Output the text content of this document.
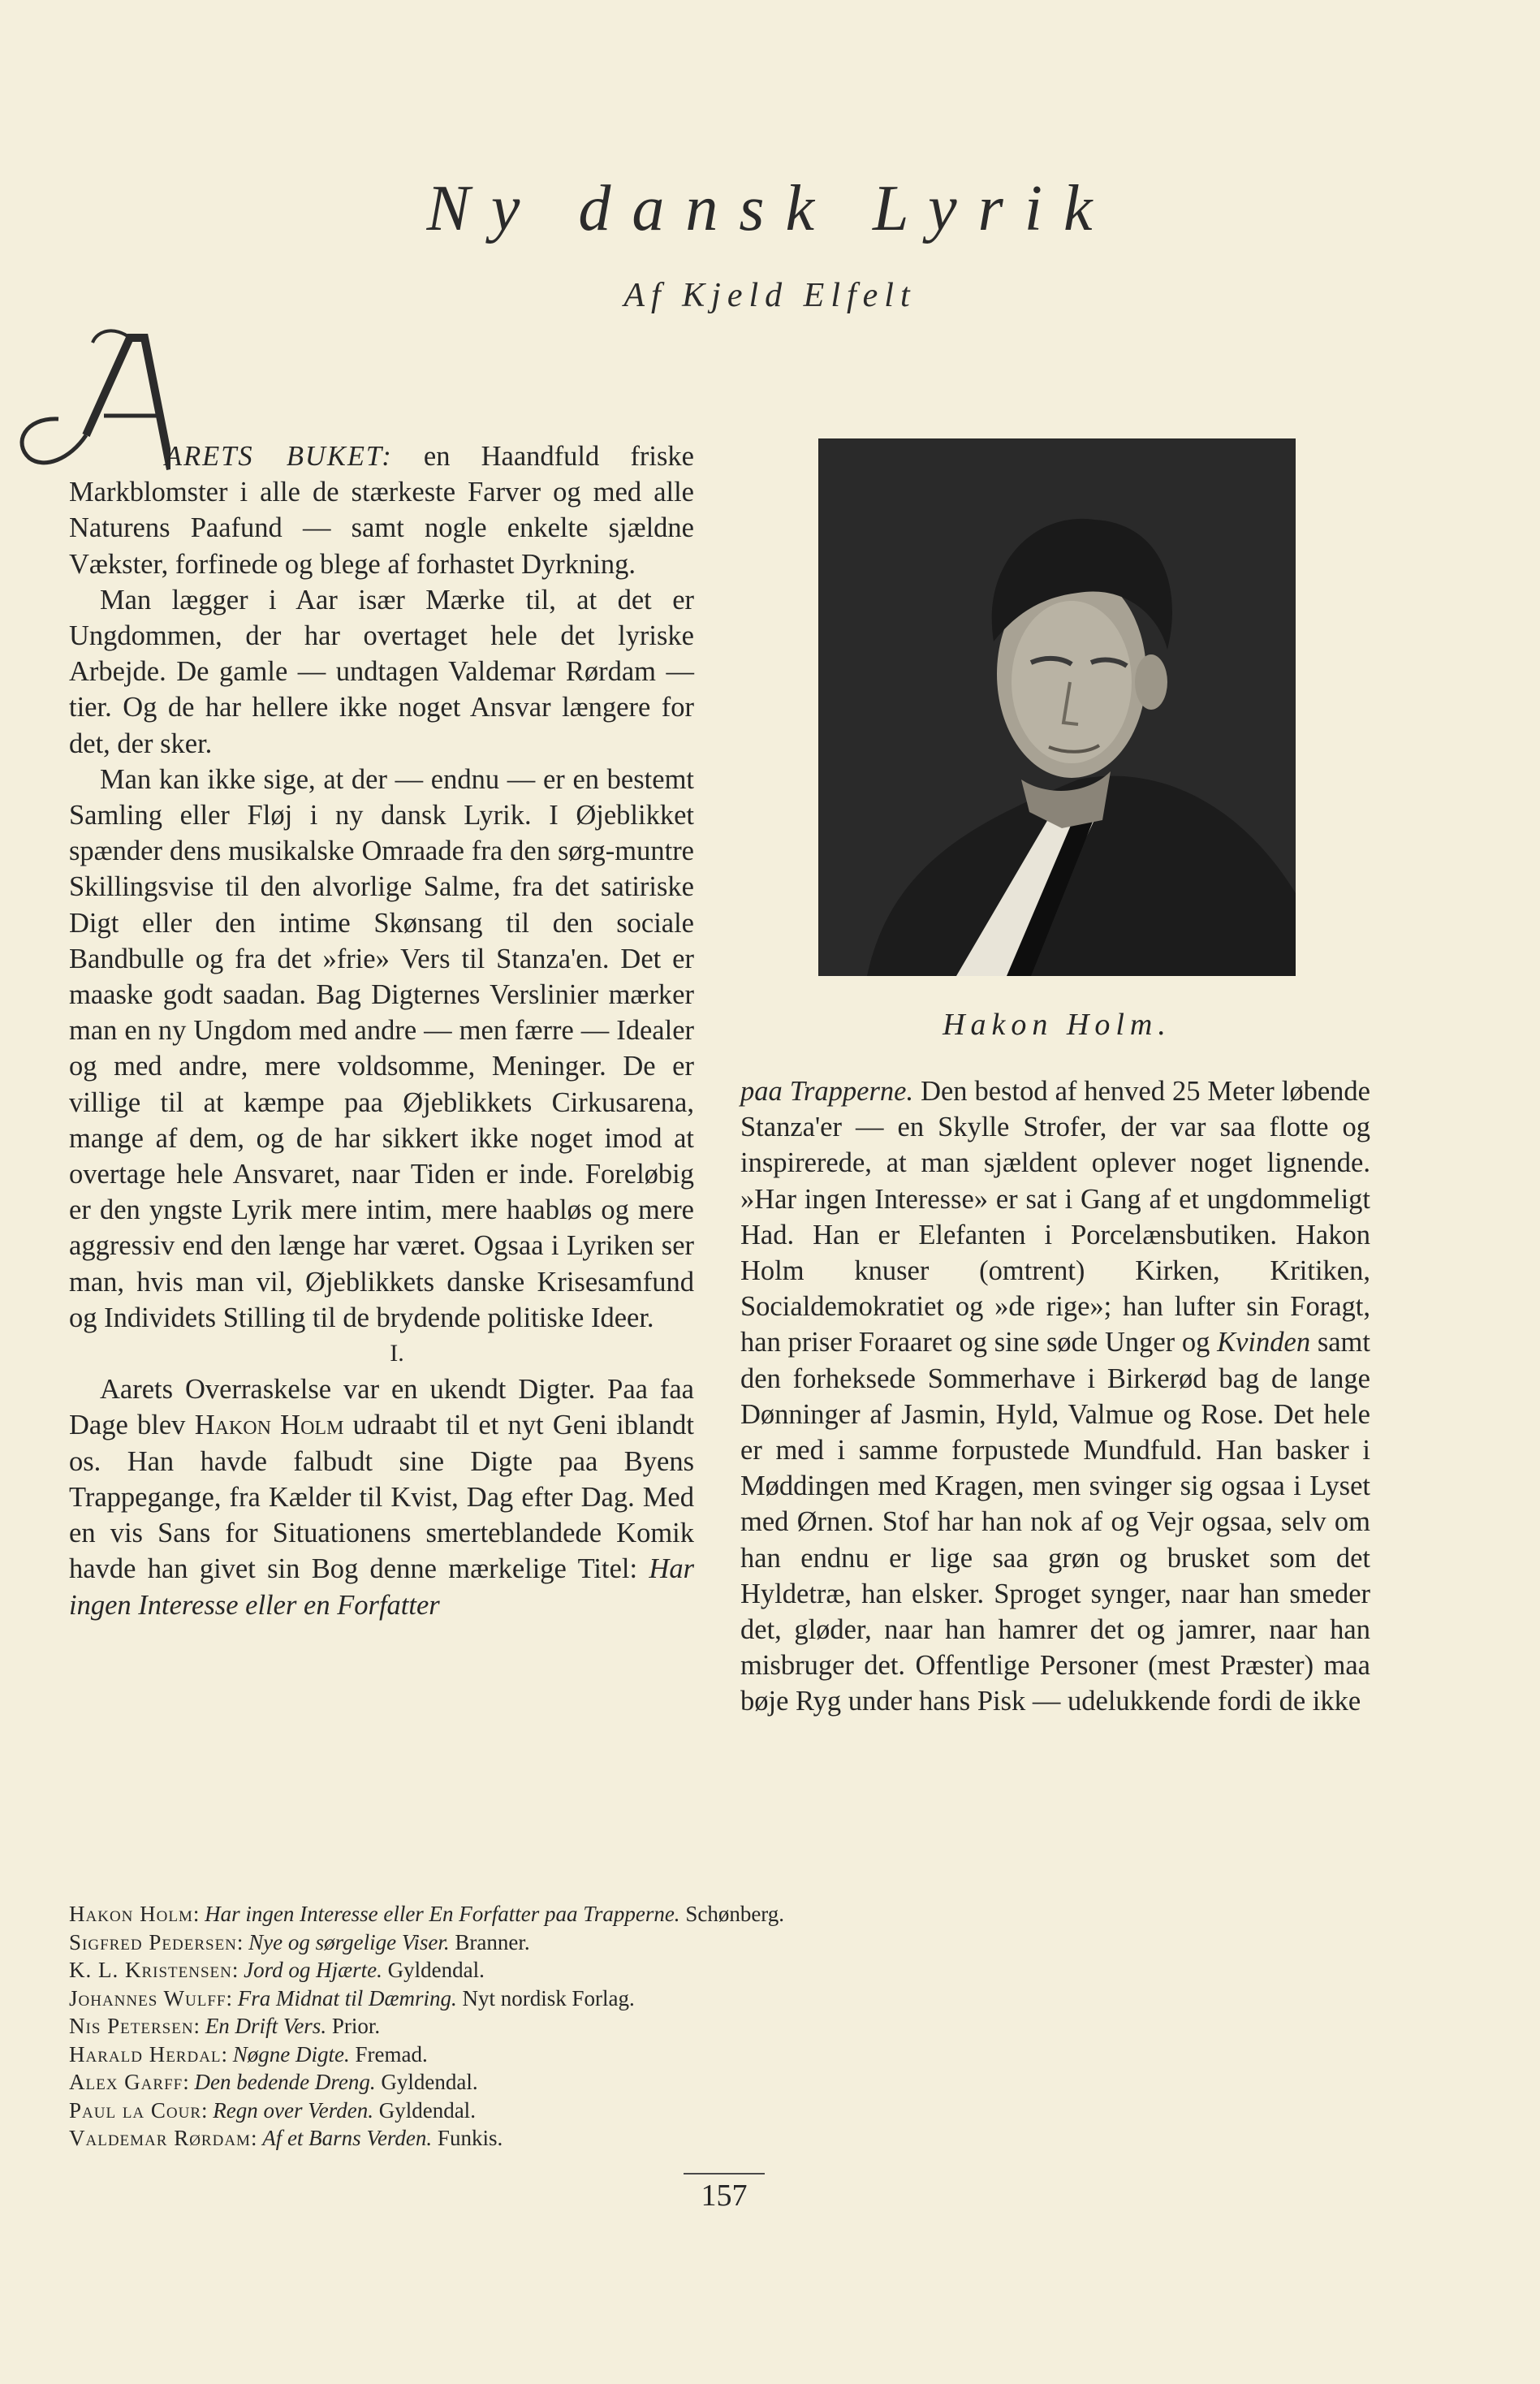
Ny dansk Lyrik
Af Kjeld Elfelt
A	ARETS BUKET: en Haandfuld friske Markblomster i alle de stærkeste Farver og med alle Naturens Paafund — samt nogle enkelte sjældne Vækster, forfinede og blege af forhastet Dyrkning.

Man lægger i Aar især Mærke til, at det er Ungdommen, der har overtaget hele det lyriske Arbejde. De gamle — undtagen Valdemar Rørdam — tier. Og de har hellere ikke noget Ansvar længere for det, der sker.

Man kan ikke sige, at der — endnu — er en bestemt Samling eller Fløj i ny dansk Lyrik. I Øjeblikket spænder dens musikalske Omraade fra den sørg-muntre Skillingsvise til den alvorlige Salme, fra det satiriske Digt eller den intime Skønsang til den sociale Bandbulle og fra det »frie» Vers til Stanza'en. Det er maaske godt saadan. Bag Digternes Verslinier mærker man en ny Ungdom med andre — men færre — Idealer og med andre, mere voldsomme, Meninger. De er villige til at kæmpe paa Øjeblikkets Cirkusarena, mange af dem, og de har sikkert ikke noget imod at overtage hele Ansvaret, naar Tiden er inde. Foreløbig er den yngste Lyrik mere intim, mere haabløs og mere aggressiv end den længe har været. Ogsaa i Lyriken ser man, hvis man vil, Øjeblikkets danske Krisesamfund og Individets Stilling til de brydende politiske Ideer.

I.

Aarets Overraskelse var en ukendt Digter. Paa faa Dage blev Hakon Holm udraabt til et nyt Geni iblandt os. Han havde falbudt sine Digte paa Byens Trappegange, fra Kælder til Kvist, Dag efter Dag. Med en vis Sans for Situationens smerteblandede Komik havde han givet sin Bog denne mærkelige Titel: Har ingen Interesse eller en Forfatter

Hakon Holm.

paa Trapperne. Den bestod af henved 25 Meter løbende Stanza'er — en Skylle Strofer, der var saa flotte og inspirerede, at man sjældent oplever noget lignende. »Har ingen Interesse» er sat i Gang af et ungdommeligt Had. Han er Elefanten i Porcelænsbutiken. Hakon Holm knuser (omtrent) Kirken, Kritiken, Socialdemokratiet og »de rige»; han lufter sin Foragt, han priser Foraaret og sine søde Unger og Kvinden samt den forheksede Sommerhave i Birkerød bag de lange Dønninger af Jasmin, Hyld, Valmue og Rose. Det hele er med i samme forpustede Mundfuld. Han basker i Møddingen med Kragen, men svinger sig ogsaa i Lyset med Ørnen. Stof har han nok af og Vejr ogsaa, selv om han endnu er lige saa grøn og brusket som det Hyldetræ, han elsker. Sproget synger, naar han smeder det, gløder, naar han hamrer det og jamrer, naar han misbruger det. Offentlige Personer (mest Præster) maa bøje Ryg under hans Pisk — udelukkende fordi de ikke

Hakon Holm: Har ingen Interesse eller En Forfatter paa Trapperne. Schønberg.
Sigfred Pedersen: Nye og sørgelige Viser. Branner.
K. L. Kristensen: Jord og Hjærte. Gyldendal.
Johannes Wulff: Fra Midnat til Dæmring. Nyt nordisk Forlag.
Nis Petersen: En Drift Vers. Prior.
Harald Herdal: Nøgne Digte. Fremad.
Alex Garff: Den bedende Dreng. Gyldendal.
Paul la Cour: Regn over Verden. Gyldendal.
Valdemar Rørdam: Af et Barns Verden. Funkis.
157
